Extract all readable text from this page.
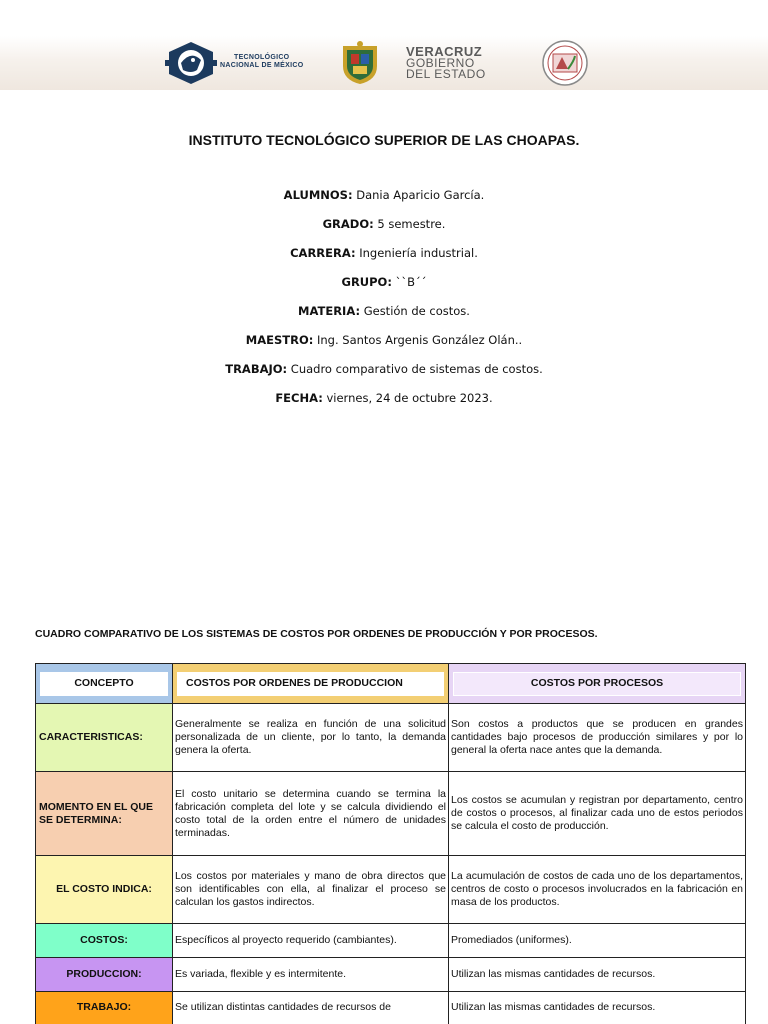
TECNOLÓGICO
NACIONAL DE MÉXICO
VERACRUZ
GOBIERNO
DEL ESTADO
INSTITUTO TECNOLÓGICO SUPERIOR DE LAS CHOAPAS.
ALUMNOS: Dania Aparicio García.
GRADO: 5 semestre.
CARRERA: Ingeniería industrial.
GRUPO: ``B´´
MATERIA: Gestión de costos.
MAESTRO: Ing. Santos Argenis González Olán..
TRABAJO: Cuadro comparativo de sistemas de costos.
FECHA: viernes, 24 de octubre 2023.
CUADRO COMPARATIVO DE LOS SISTEMAS DE COSTOS POR ORDENES DE PRODUCCIÓN Y POR PROCESOS.
CONCEPTO	COSTOS POR ORDENES DE PRODUCCION	COSTOS POR PROCESOS

CARACTERISTICAS:	Generalmente se realiza en función de una solicitud personalizada de un cliente, por lo tanto, la demanda genera la oferta.	Son costos a productos que se producen en grandes cantidades bajo procesos de producción similares y por lo general la oferta nace antes que la demanda.
MOMENTO EN EL QUE SE DETERMINA:	El costo unitario se determina cuando se termina la fabricación completa del lote y se calcula dividiendo el costo total de la orden entre el número de unidades terminadas.	Los costos se acumulan y registran por departamento, centro de costos o procesos, al finalizar cada uno de estos periodos se calcula el costo de producción.
EL COSTO INDICA:	Los costos por materiales y mano de obra directos que son identificables con ella, al finalizar el proceso se calculan los gastos indirectos.	La acumulación de costos de cada uno de los departamentos, centros de costo o procesos involucrados en la fabricación en masa de los productos.
COSTOS:	Específicos al proyecto requerido (cambiantes).	Promediados (uniformes).
PRODUCCION:	Es variada, flexible y es intermitente.	Utilizan las mismas cantidades de recursos.
TRABAJO:	Se utilizan distintas cantidades de recursos de	Utilizan las mismas cantidades de recursos.
